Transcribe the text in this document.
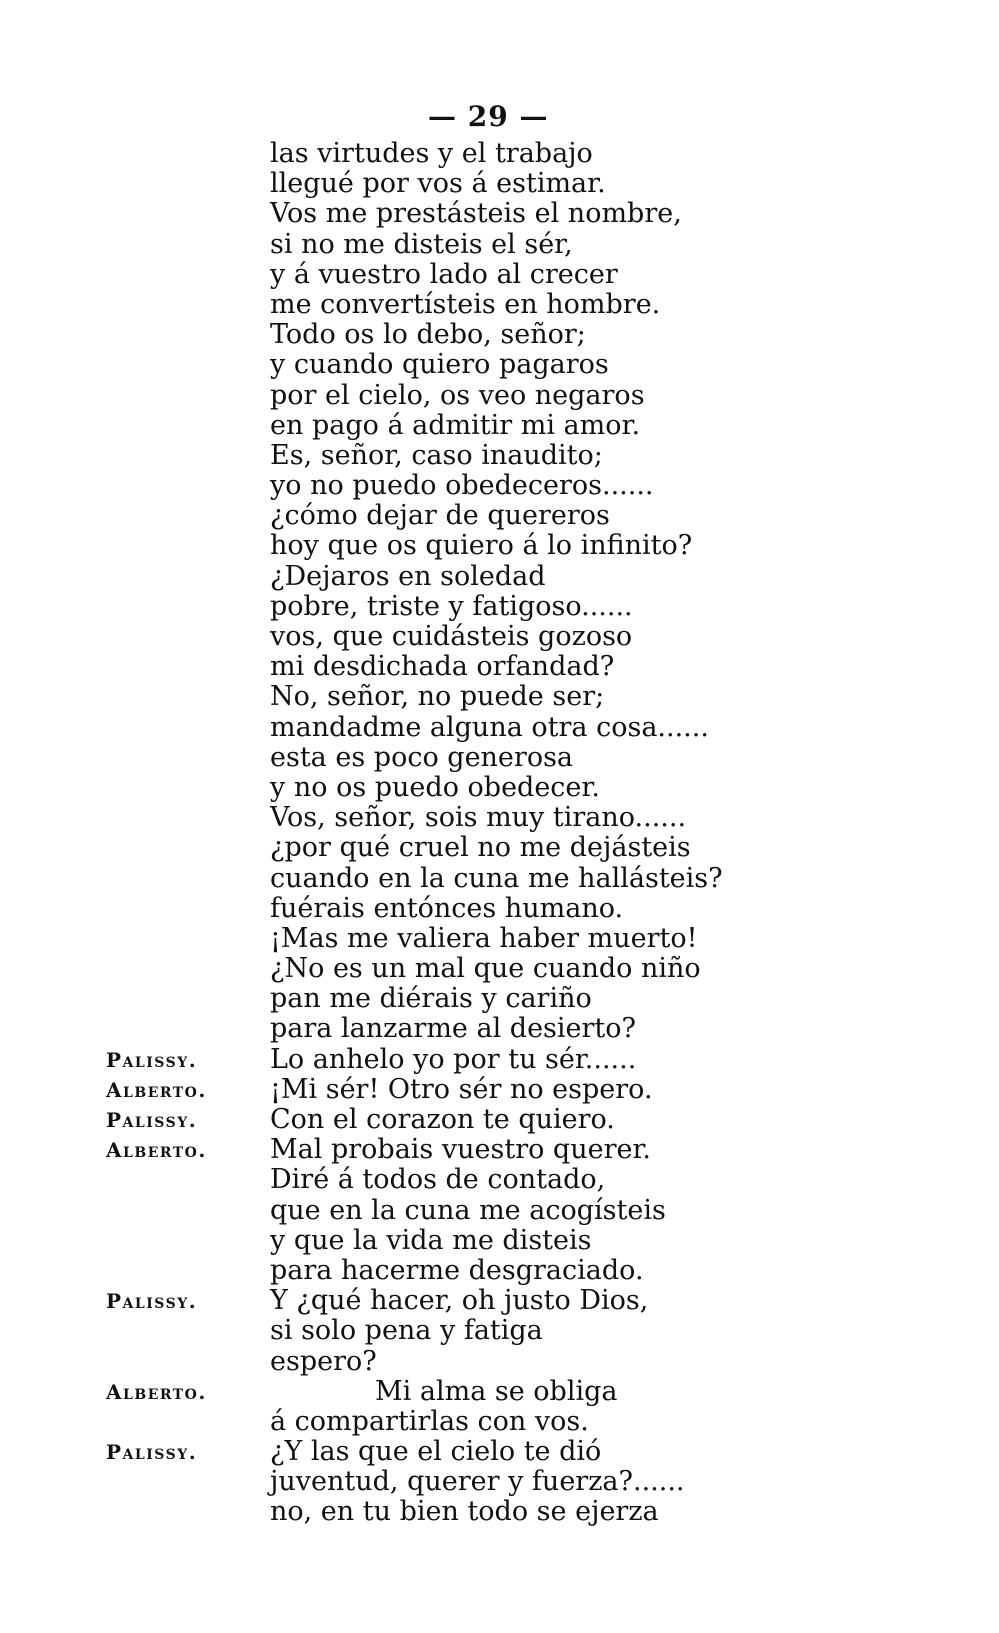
— 29 —
las virtudes y el trabajo
llegué por vos á estimar.
Vos me prestásteis el nombre,
si no me disteis el sér,
y á vuestro lado al crecer
me convertísteis en hombre.
Todo os lo debo, señor;
y cuando quiero pagaros
por el cielo, os veo negaros
en pago á admitir mi amor.
Es, señor, caso inaudito;
yo no puedo obedeceros......
¿cómo dejar de quereros
hoy que os quiero á lo infinito?
¿Dejaros en soledad
pobre, triste y fatigoso......
vos, que cuidásteis gozoso
mi desdichada orfandad?
No, señor, no puede ser;
mandadme alguna otra cosa......
esta es poco generosa
y no os puedo obedecer.
Vos, señor, sois muy tirano......
¿por qué cruel no me dejásteis
cuando en la cuna me hallásteis?
fuérais entónces humano.
¡Mas me valiera haber muerto!
¿No es un mal que cuando niño
pan me diérais y cariño
para lanzarme al desierto?
Palissy.	Lo anhelo yo por tu sér......
Alberto. ¡Mi sér! Otro sér no espero.
Palissy.	Con el corazon te quiero.
Alberto. Mal probais vuestro querer.
Diré á todos de contado,
que en la cuna me acogísteis
y que la vida me disteis
para hacerme desgraciado.
Palissy.	Y ¿qué hacer, oh justo Dios,
si solo pena y fatiga
espero?
Alberto.	Mi alma se obliga
á compartirlas con vos.
Palissy.	¿Y las que el cielo te dió
juventud, querer y fuerza?......
no, en tu bien todo se ejerza
